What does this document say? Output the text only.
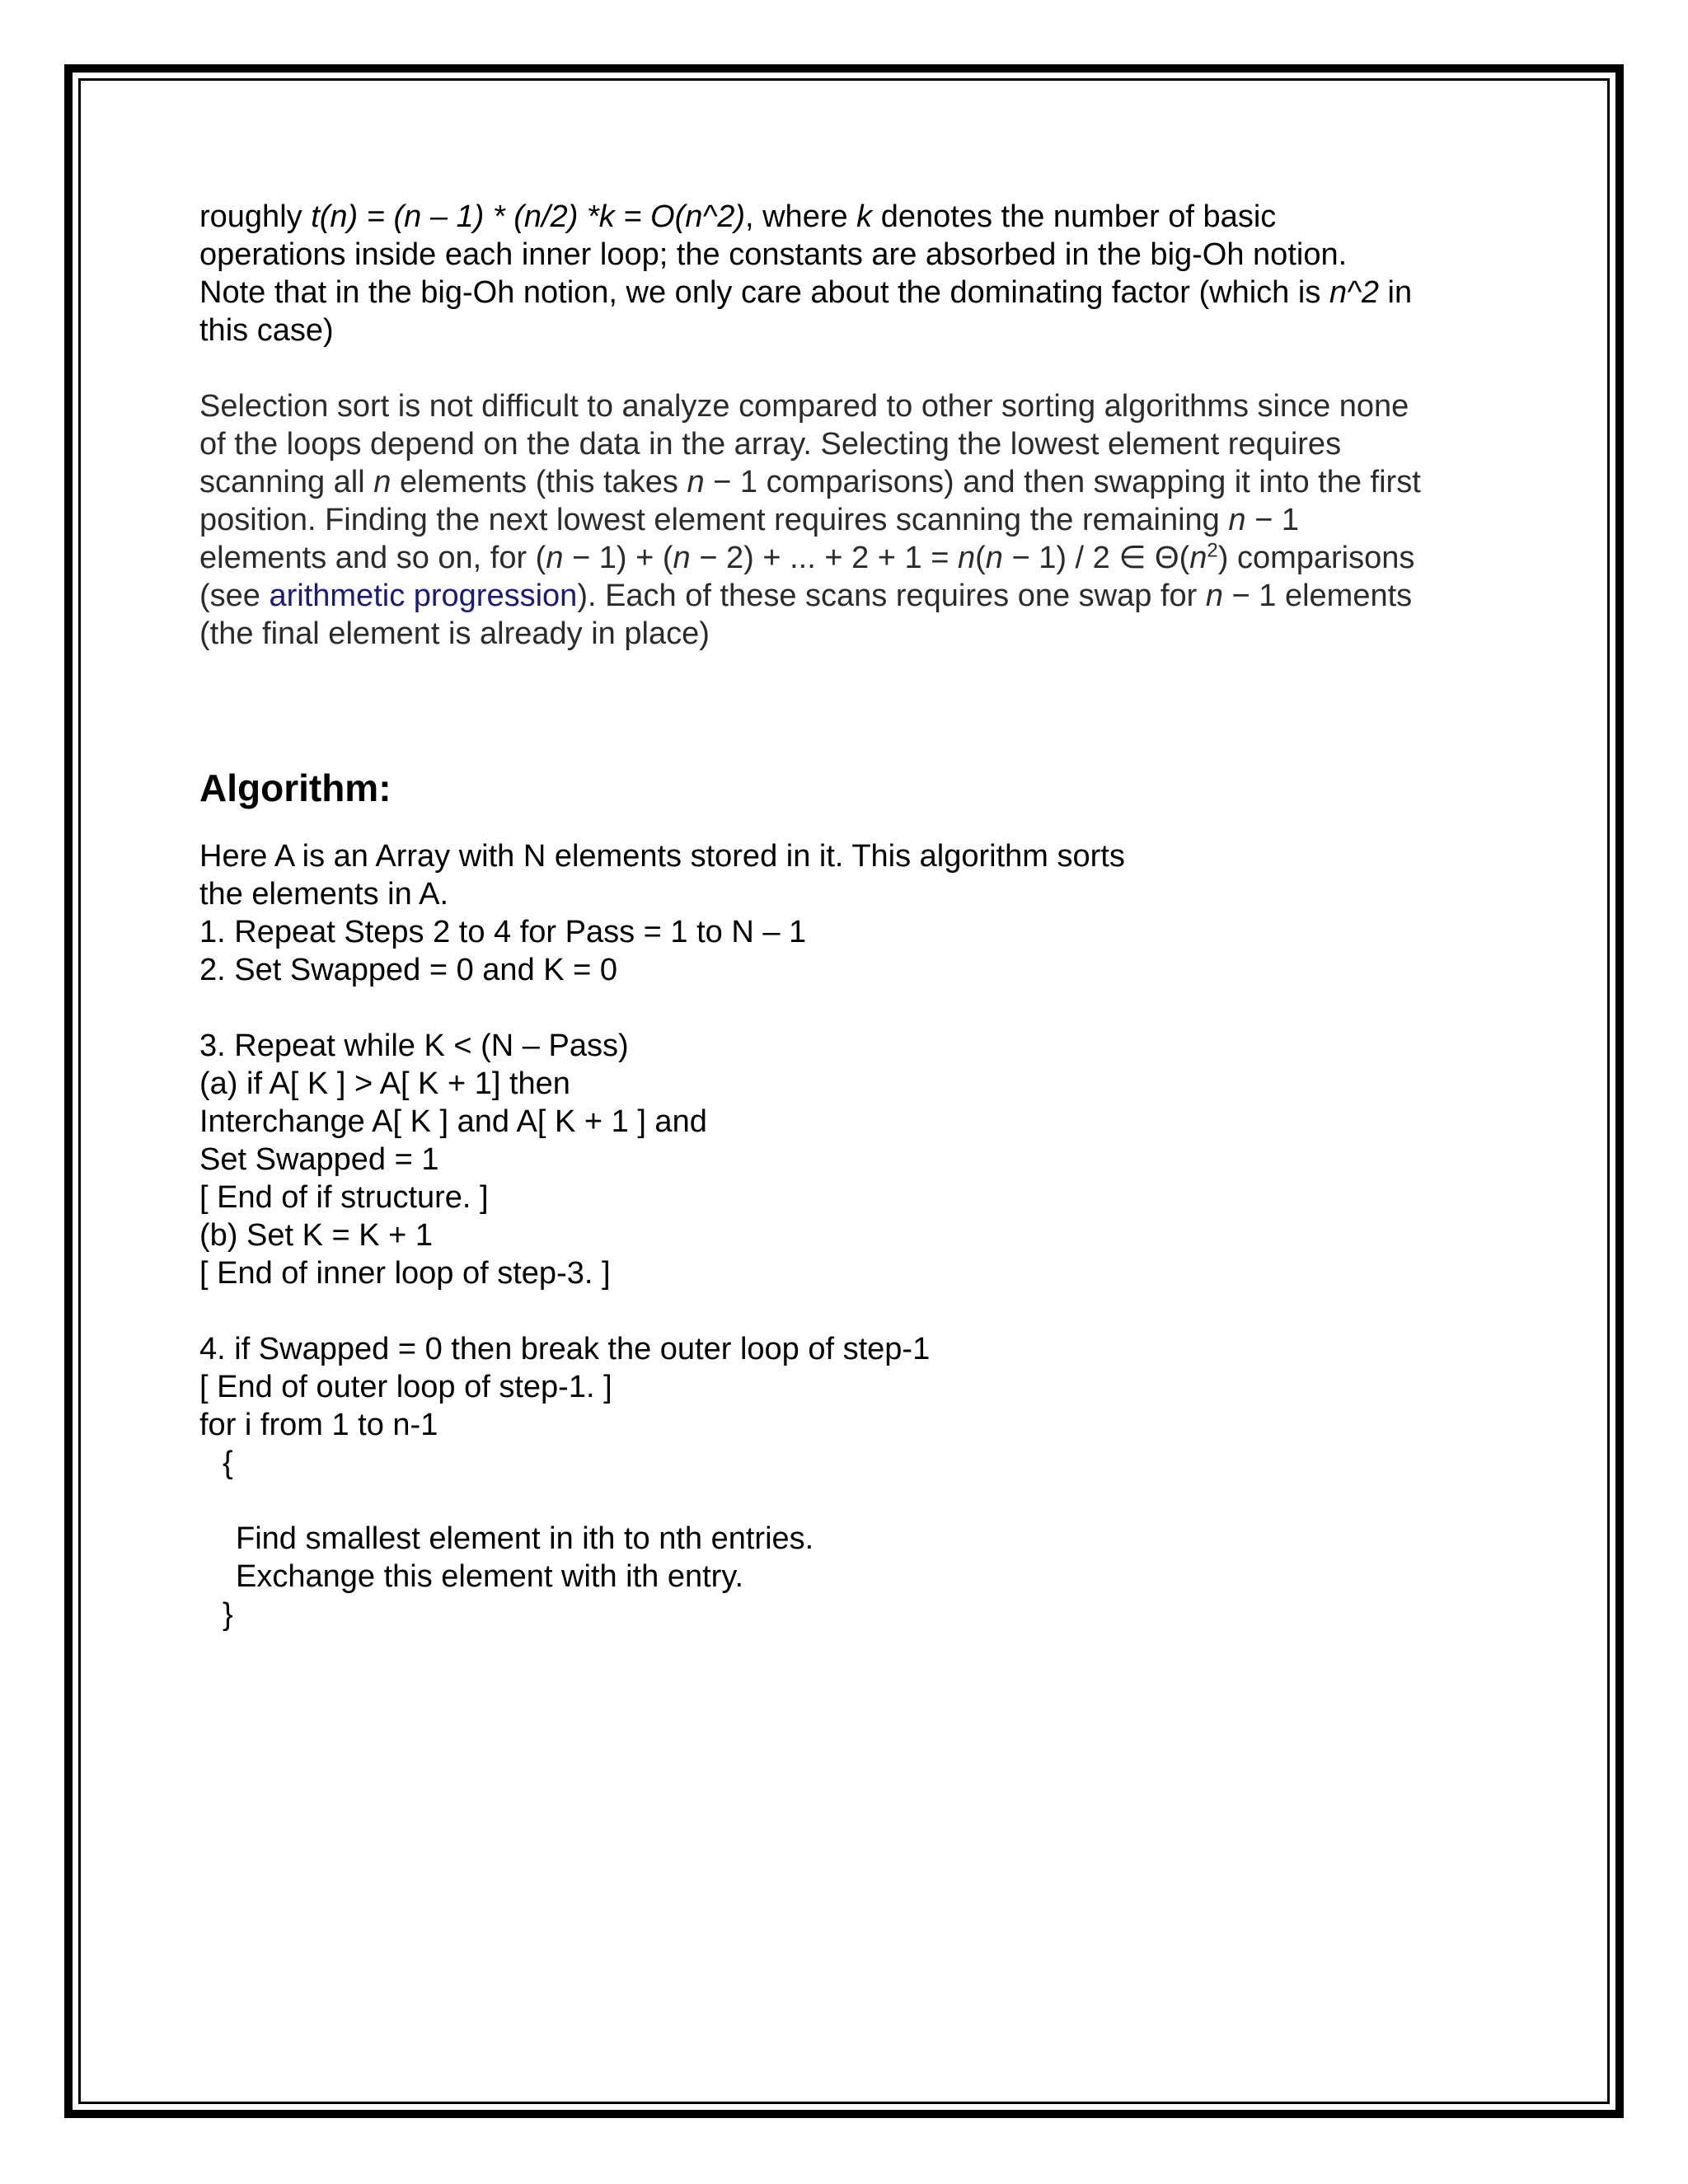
roughly t(n) = (n – 1) * (n/2) *k = O(n^2), where k denotes the number of basic
operations inside each inner loop; the constants are absorbed in the big-Oh notion.
Note that in the big-Oh notion, we only care about the dominating factor (which is n^2 in
this case)
Selection sort is not difficult to analyze compared to other sorting algorithms since none
of the loops depend on the data in the array. Selecting the lowest element requires
scanning all n elements (this takes n − 1 comparisons) and then swapping it into the first
position. Finding the next lowest element requires scanning the remaining n − 1
elements and so on, for (n − 1) + (n − 2) + ... + 2 + 1 = n(n − 1) / 2 ∈ $\Theta(n^2)$ comparisons
(see arithmetic progression). Each of these scans requires one swap for n − 1 elements
(the final element is already in place)
Algorithm:
Here A is an Array with N elements stored in it. This algorithm sorts
the elements in A.
1. Repeat Steps 2 to 4 for Pass = 1 to N – 1
2. Set Swapped = 0 and K = 0
3. Repeat while K < (N – Pass)
(a) if A[ K ] > A[ K + 1] then
Interchange A[ K ] and A[ K + 1 ] and
Set Swapped = 1
[ End of if structure. ]
(b) Set K = K + 1
[ End of inner loop of step-3. ]
4. if Swapped = 0 then break the outer loop of step-1
[ End of outer loop of step-1. ]
for i from 1 to n-1
{
Find smallest element in ith to nth entries.
Exchange this element with ith entry.
}
